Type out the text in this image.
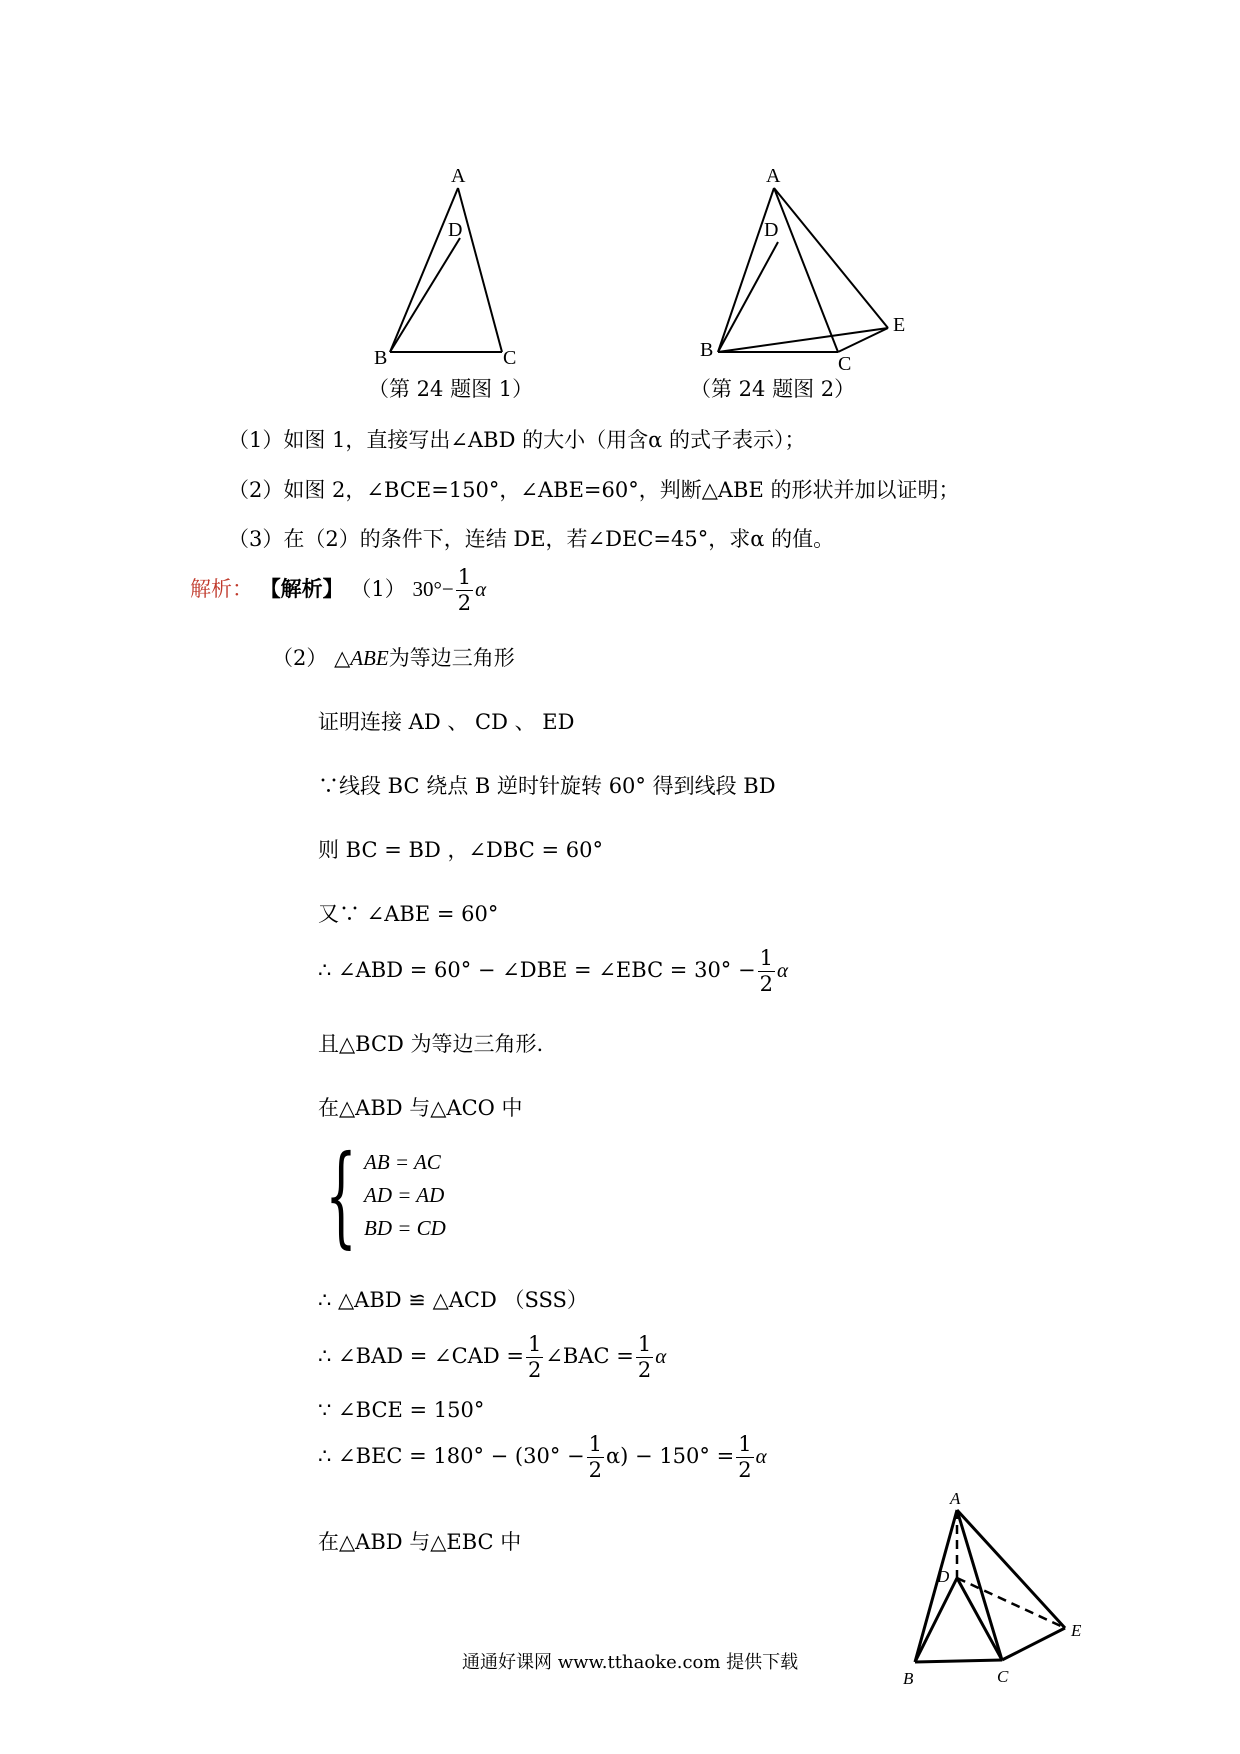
A
D
B	C
（第 24 题图 1）
A
D
E
B
C
（第 24 题图 2）
（1）如图 1，直接写出∠ABD 的大小（用含α 的式子表示）；
（2）如图 2，∠BCE=150°，∠ABE=60°，判断△ABE 的形状并加以证明；
（3）在（2）的条件下，连结 DE，若∠DEC=45°，求α 的值。
解析： 【解析】 （1） $30^\circ- \frac{1}{2}$ α
（2） △ABE为等边三角形
证明连接 AD 、 CD 、 ED
∵线段 BC 绕点 B 逆时针旋转 60° 得到线段 BD
则 BC = BD ，∠DBC = 60°
又∵ ∠ABE = 60°
∴ ∠ABD = 60° − ∠DBE = ∠EBC = $30^\circ - \frac{1}{2}$ α
且△BCD 为等边三角形.
在△ABD 与△ACO 中
{ AB = AC
AD = AD
BD = CD
∴ △ABD ≌ △ACD （SSS）
∴ ∠BAD = ∠CAD = $\frac{1}{2}$ ∠BAC = $\frac{1}{2}$ α
∵ ∠BCE = 150°
∴ ∠BEC = $180^\circ - (30^\circ - \frac{1}{2} \alpha) - 150^\circ = \frac{1}{2}$ α
在△ABD 与△EBC 中
A
D
E
B	C
通通好课网 www.tthaoke.com 提供下载
